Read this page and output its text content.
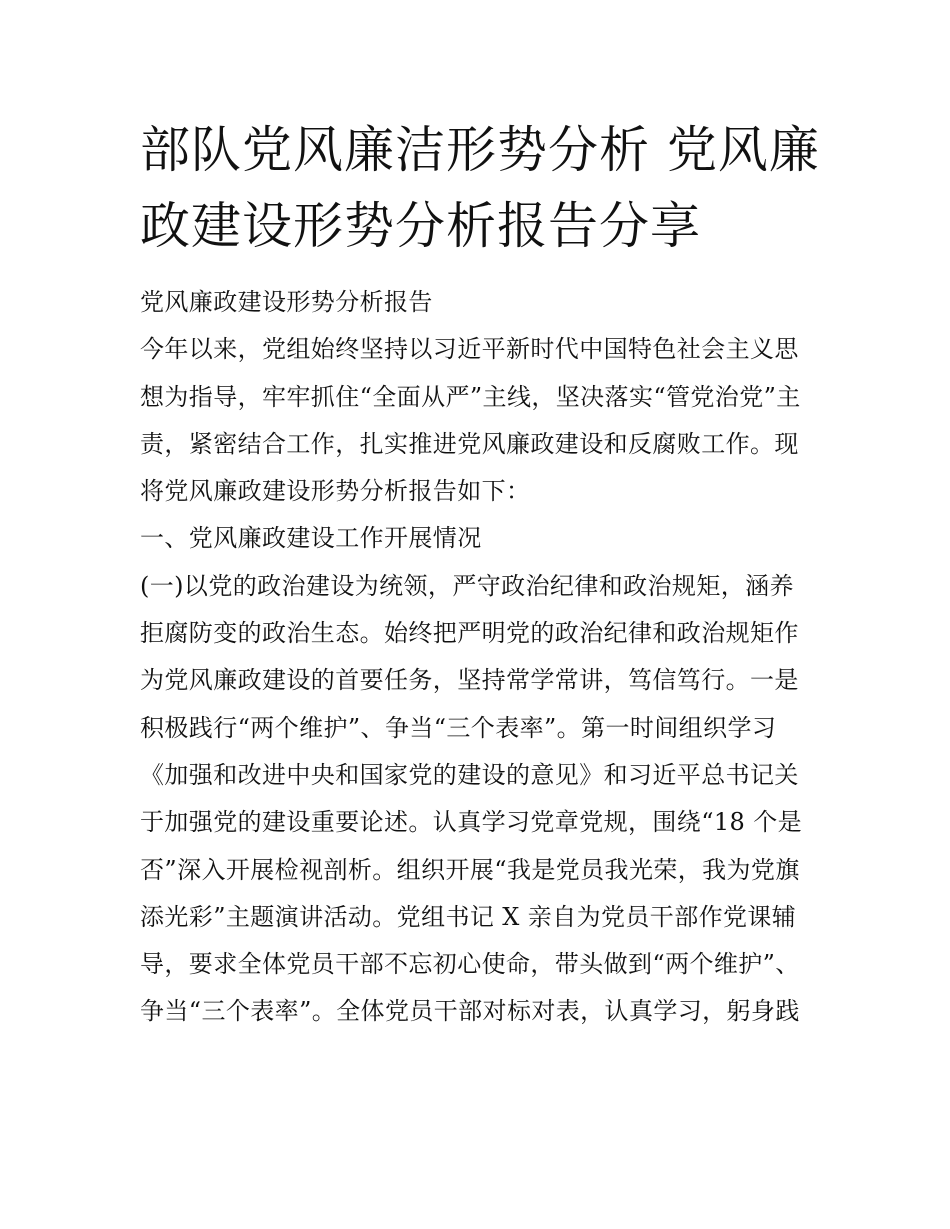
部队党风廉洁形势分析 党风廉
政建设形势分析报告分享
党风廉政建设形势分析报告
今年以来，党组始终坚持以习近平新时代中国特色社会主义思
想为指导，牢牢抓住“全面从严”主线，坚决落实“管党治党”主
责，紧密结合工作，扎实推进党风廉政建设和反腐败工作。现
将党风廉政建设形势分析报告如下：
一、党风廉政建设工作开展情况
(一)以党的政治建设为统领，严守政治纪律和政治规矩，涵养
拒腐防变的政治生态。始终把严明党的政治纪律和政治规矩作
为党风廉政建设的首要任务，坚持常学常讲，笃信笃行。一是
积极践行“两个维护”、争当“三个表率”。第一时间组织学习
《加强和改进中央和国家党的建设的意见》和习近平总书记关
于加强党的建设重要论述。认真学习党章党规，围绕“18 个是
否”深入开展检视剖析。组织开展“我是党员我光荣，我为党旗
添光彩”主题演讲活动。党组书记 X 亲自为党员干部作党课辅
导，要求全体党员干部不忘初心使命，带头做到“两个维护”、
争当“三个表率”。全体党员干部对标对表，认真学习，躬身践
